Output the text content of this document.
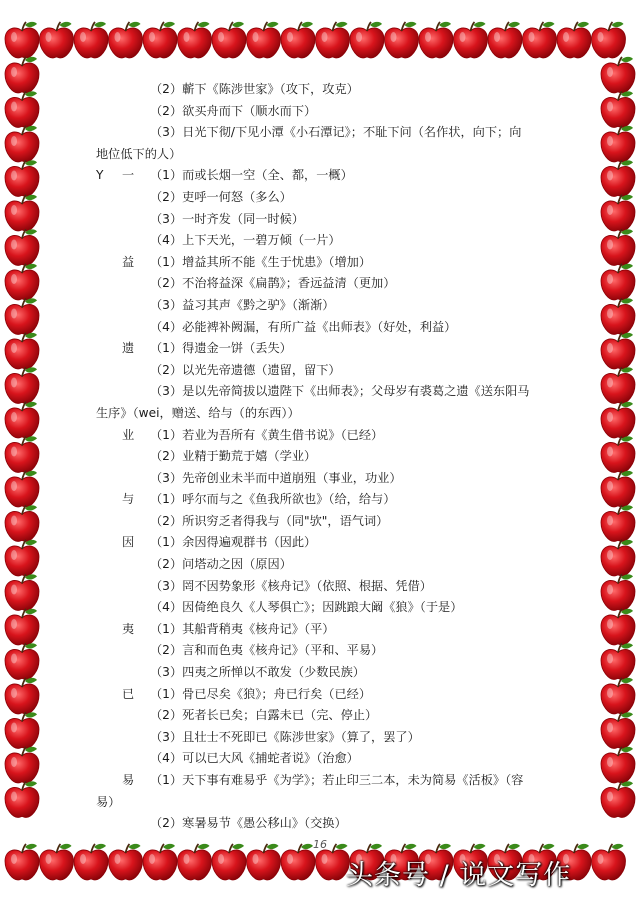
（2）蘄下《陈涉世家》（攻下，攻克）
（2）欲买舟而下（顺水而下）
（3）日光下彻/下见小潭《小石潭记》；不耻下问（名作状，向下；向
地位低下的人）
Y 一 （1）而或长烟一空（全、都，一概）
（2）吏呼一何怒（多么）
（3）一时齐发（同一时候）
（4）上下天光，一碧万倾（一片）
益 （1）增益其所不能《生于忧患》（增加）
（2）不治将益深《扁鹊》；香远益清（更加）
（3）益习其声《黔之驴》（渐渐）
（4）必能裨补阙漏，有所广益《出师表》（好处，利益）
遗 （1）得遗金一饼（丢失）
（2）以光先帝遗德（遗留，留下）
（3）是以先帝简拔以遗陛下《出师表》；父母岁有裘葛之遗《送东阳马
生序》（wei，赠送、给与（的东西））
业 （1）若业为吾所有《黄生借书说》（已经）
（2）业精于勤荒于嬉（学业）
（3）先帝创业未半而中道崩殂（事业，功业）
与 （1）呼尔而与之《鱼我所欲也》（给，给与）
（2）所识穷乏者得我与（同"欤"，语气词）
因 （1）余因得遍观群书（因此）
（2）问塔动之因（原因）
（3）罔不因势象形《核舟记》（依照、根据、凭借）
（4）因倚绝良久《人琴俱亡》；因跳踉大阚《狼》（于是）
夷 （1）其船背稍夷《核舟记》（平）
（2）言和而色夷《核舟记》（平和、平易）
（3）四夷之所惮以不敢发（少数民族）
已 （1）骨已尽矣《狼》；舟已行矣（已经）
（2）死者长已矣；白露未已（完、停止）
（3）且壮士不死即已《陈涉世家》（算了，罢了）
（4）可以已大风《捕蛇者说》（治愈）
易 （1）天下事有难易乎《为学》；若止印三二本，未为简易《活板》（容
易）
（2）寒暑易节《愚公移山》（交换）
16
头条号 / 说文写作
